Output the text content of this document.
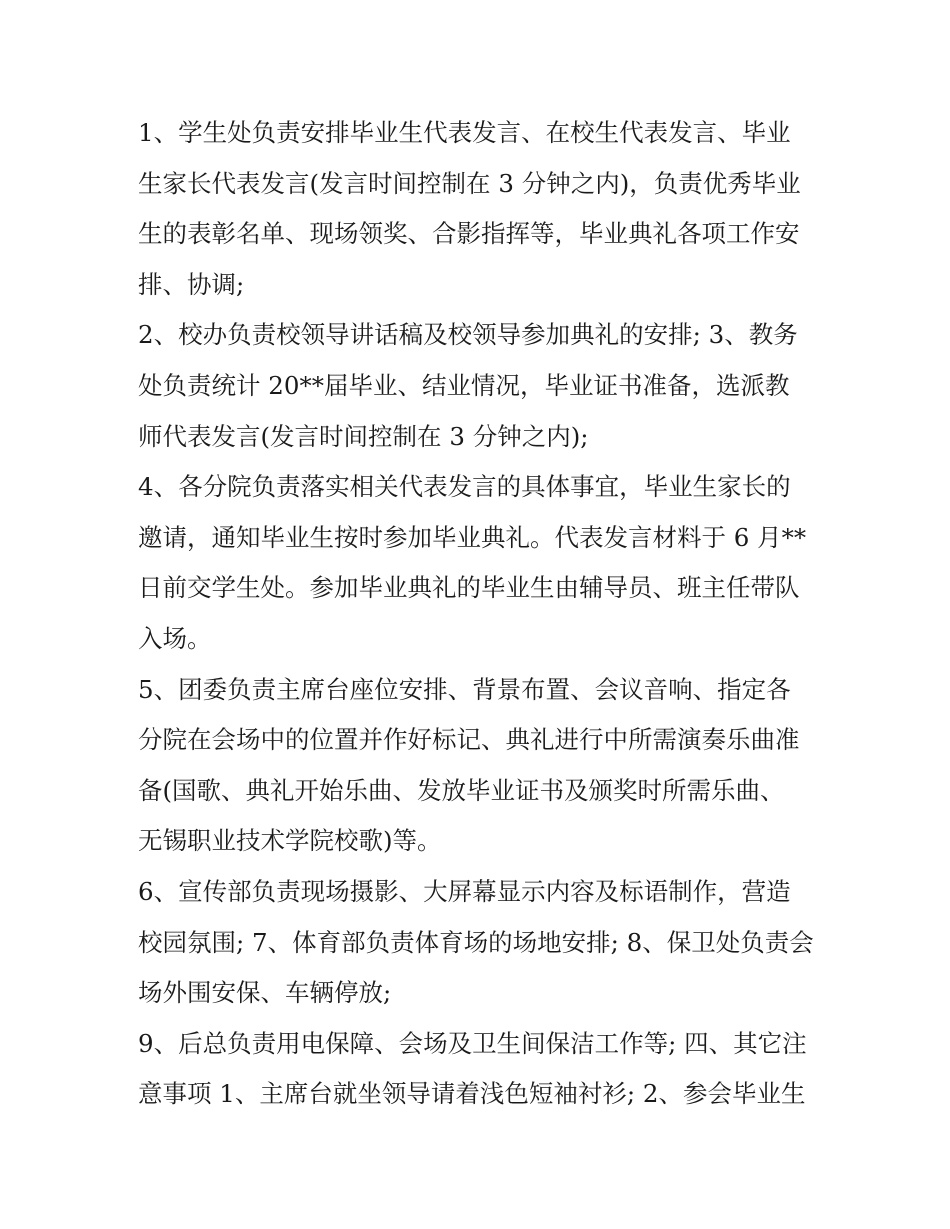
1、学生处负责安排毕业生代表发言、在校生代表发言、毕业
生家长代表发言(发言时间控制在 3 分钟之内)，负责优秀毕业
生的表彰名单、现场领奖、合影指挥等，毕业典礼各项工作安
排、协调;
2、校办负责校领导讲话稿及校领导参加典礼的安排; 3、教务
处负责统计 20**届毕业、结业情况，毕业证书准备，选派教
师代表发言(发言时间控制在 3 分钟之内);
4、各分院负责落实相关代表发言的具体事宜，毕业生家长的
邀请，通知毕业生按时参加毕业典礼。代表发言材料于 6 月**
日前交学生处。参加毕业典礼的毕业生由辅导员、班主任带队
入场。
5、团委负责主席台座位安排、背景布置、会议音响、指定各
分院在会场中的位置并作好标记、典礼进行中所需演奏乐曲准
备(国歌、典礼开始乐曲、发放毕业证书及颁奖时所需乐曲、
无锡职业技术学院校歌)等。
6、宣传部负责现场摄影、大屏幕显示内容及标语制作，营造
校园氛围; 7、体育部负责体育场的场地安排; 8、保卫处负责会
场外围安保、车辆停放;
9、后总负责用电保障、会场及卫生间保洁工作等; 四、其它注
意事项 1、主席台就坐领导请着浅色短袖衬衫; 2、参会毕业生
